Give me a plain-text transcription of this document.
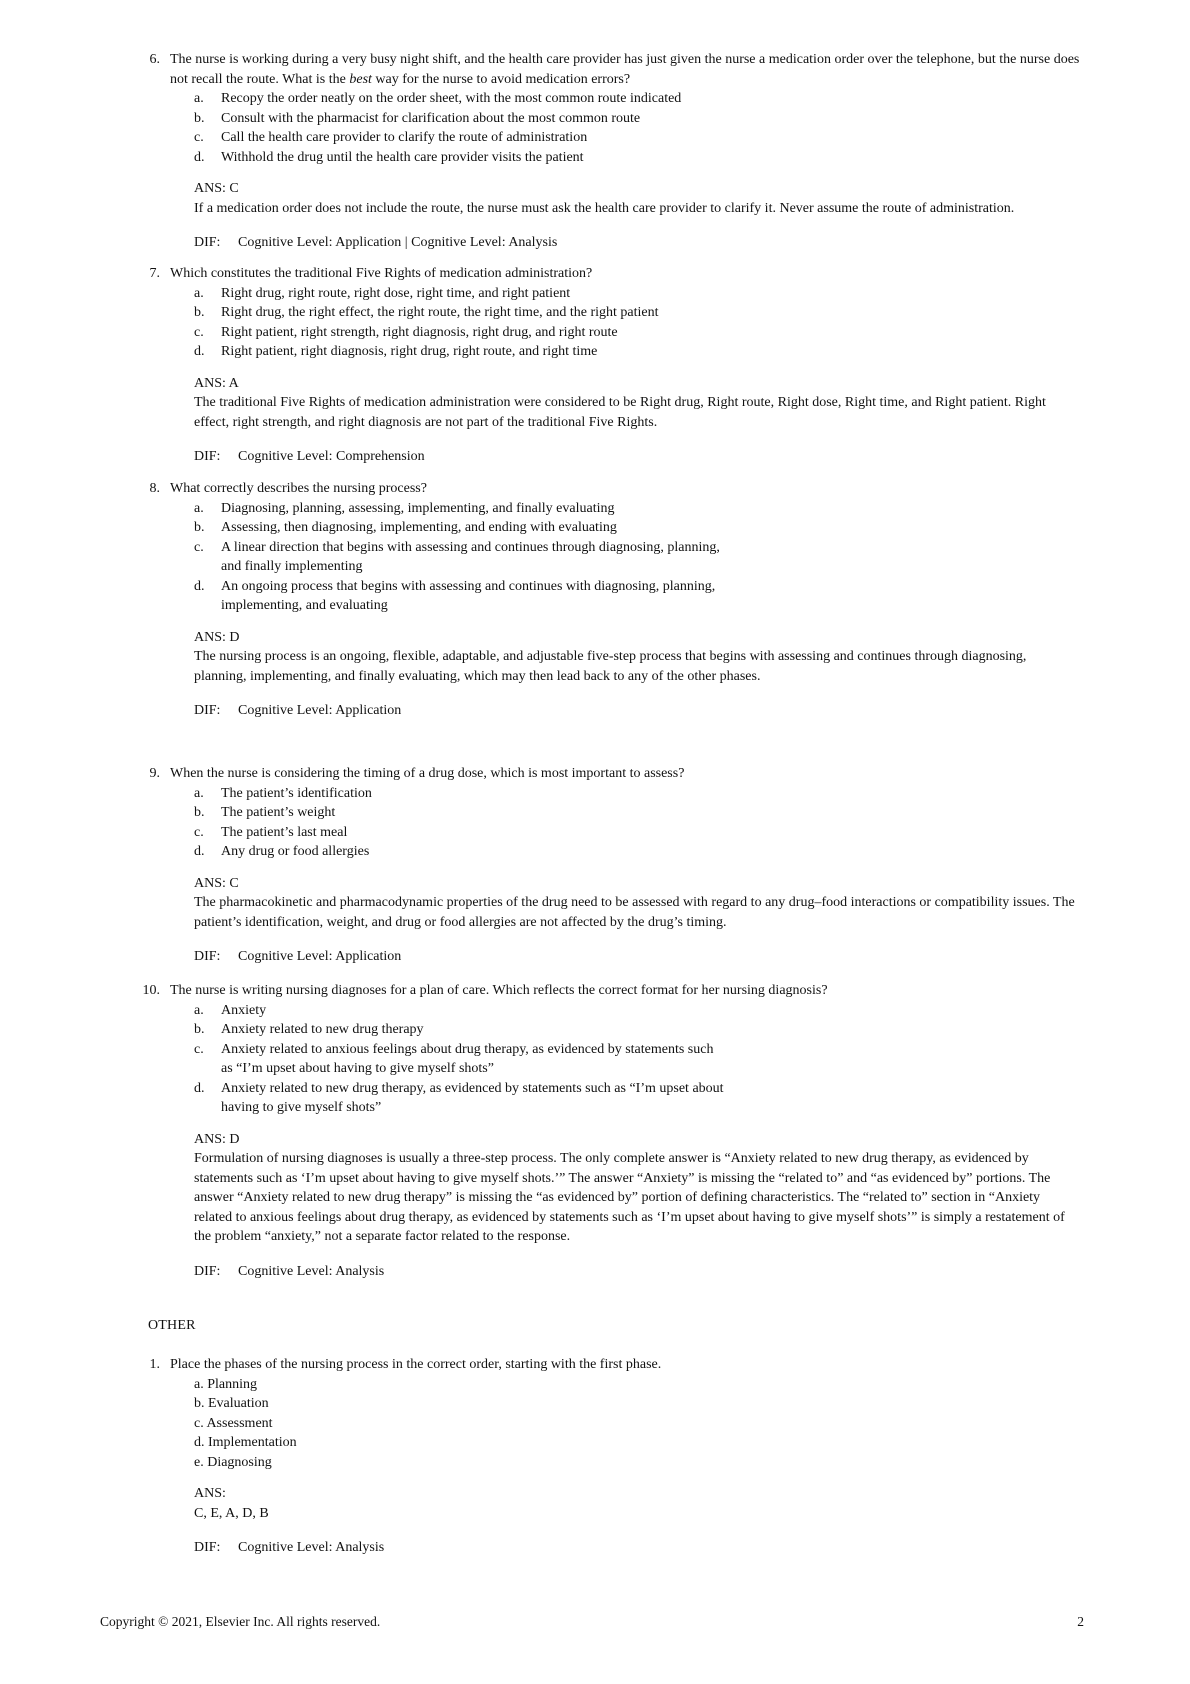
6. The nurse is working during a very busy night shift, and the health care provider has just given the nurse a medication order over the telephone, but the nurse does not recall the route. What is the best way for the nurse to avoid medication errors?
a.	Recopy the order neatly on the order sheet, with the most common route indicated
b.	Consult with the pharmacist for clarification about the most common route
c.	Call the health care provider to clarify the route of administration
d.	Withhold the drug until the health care provider visits the patient
ANS: C
If a medication order does not include the route, the nurse must ask the health care provider to clarify it. Never assume the route of administration.
DIF: Cognitive Level: Application | Cognitive Level: Analysis
7. Which constitutes the traditional Five Rights of medication administration?
a.	Right drug, right route, right dose, right time, and right patient
b.	Right drug, the right effect, the right route, the right time, and the right patient
c.	Right patient, right strength, right diagnosis, right drug, and right route
d.	Right patient, right diagnosis, right drug, right route, and right time
ANS: A
The traditional Five Rights of medication administration were considered to be Right drug, Right route, Right dose, Right time, and Right patient. Right effect, right strength, and right diagnosis are not part of the traditional Five Rights.
DIF: Cognitive Level: Comprehension
8. What correctly describes the nursing process?
a.	Diagnosing, planning, assessing, implementing, and finally evaluating
b.	Assessing, then diagnosing, implementing, and ending with evaluating
c.	A linear direction that begins with assessing and continues through diagnosing, planning, and finally implementing
d.	An ongoing process that begins with assessing and continues with diagnosing, planning, implementing, and evaluating
ANS: D
The nursing process is an ongoing, flexible, adaptable, and adjustable five-step process that begins with assessing and continues through diagnosing, planning, implementing, and finally evaluating, which may then lead back to any of the other phases.
DIF: Cognitive Level: Application
9. When the nurse is considering the timing of a drug dose, which is most important to assess?
a.	The patient’s identification
b.	The patient’s weight
c.	The patient’s last meal
d.	Any drug or food allergies
ANS: C
The pharmacokinetic and pharmacodynamic properties of the drug need to be assessed with regard to any drug–food interactions or compatibility issues. The patient’s identification, weight, and drug or food allergies are not affected by the drug’s timing.
DIF: Cognitive Level: Application
10. The nurse is writing nursing diagnoses for a plan of care. Which reflects the correct format for her nursing diagnosis?
a.	Anxiety
b.	Anxiety related to new drug therapy
c.	Anxiety related to anxious feelings about drug therapy, as evidenced by statements such as “I’m upset about having to give myself shots”
d.	Anxiety related to new drug therapy, as evidenced by statements such as “I’m upset about having to give myself shots”
ANS: D
Formulation of nursing diagnoses is usually a three-step process. The only complete answer is “Anxiety related to new drug therapy, as evidenced by statements such as ‘I’m upset about having to give myself shots.’” The answer “Anxiety” is missing the “related to” and “as evidenced by” portions. The answer “Anxiety related to new drug therapy” is missing the “as evidenced by” portion of defining characteristics. The “related to” section in “Anxiety related to anxious feelings about drug therapy, as evidenced by statements such as ‘I’m upset about having to give myself shots’” is simply a restatement of the problem “anxiety,” not a separate factor related to the response.
DIF: Cognitive Level: Analysis
OTHER
1. Place the phases of the nursing process in the correct order, starting with the first phase.
a. Planning
b. Evaluation
c. Assessment
d. Implementation
e. Diagnosing
ANS:
C, E, A, D, B
DIF: Cognitive Level: Analysis
Copyright © 2021, Elsevier Inc. All rights reserved.	2
